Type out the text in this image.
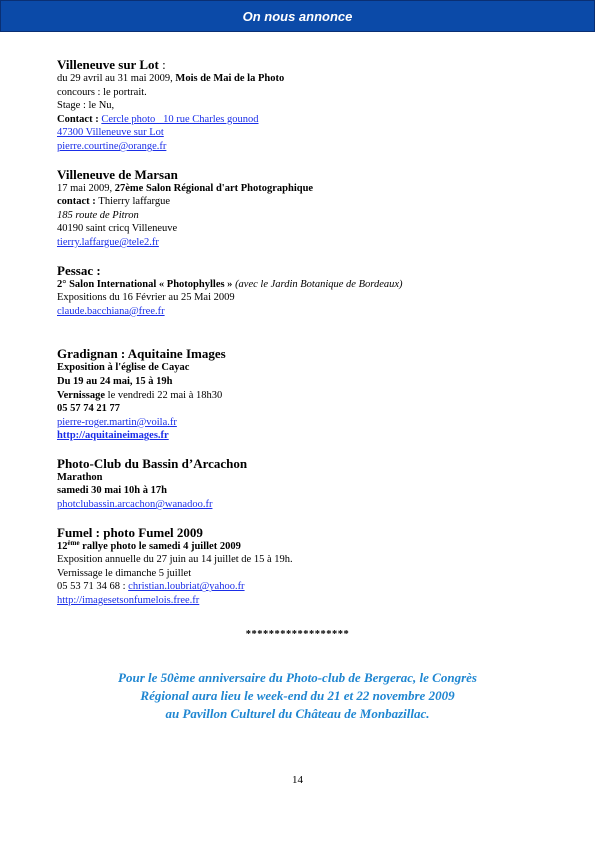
On nous annonce
Villeneuve sur Lot :
du 29 avril au 31 mai 2009, Mois de Mai de la Photo
concours : le portrait.
Stage : le Nu,
Contact : Cercle photo_ 10 rue Charles gounod
47300 Villeneuve sur Lot
pierre.courtine@orange.fr
Villeneuve de Marsan
17 mai 2009, 27ème Salon Régional d'art Photographique
contact : Thierry laffargue
185 route de Pitron
40190 saint cricq Villeneuve
tierry.laffargue@tele2.fr
Pessac :
2° Salon International « Photophylles » (avec le Jardin Botanique de Bordeaux)
Expositions du 16 Février au 25 Mai 2009
claude.bacchiana@free.fr
Gradignan : Aquitaine Images
Exposition à l'église de Cayac
Du 19 au 24 mai, 15 à 19h
Vernissage le vendredi 22 mai à 18h30
05 57 74 21 77
pierre-roger.martin@voila.fr
http://aquitaineimages.fr
Photo-Club du Bassin d’Arcachon
Marathon
samedi 30 mai 10h à 17h
photclubassin.arcachon@wanadoo.fr
Fumel : photo Fumel 2009
12ème rallye photo le samedi 4 juillet 2009
Exposition annuelle du 27 juin au 14 juillet de 15 à 19h.
Vernissage le dimanche 5 juillet
05 53 71 34 68 : christian.loubriat@yahoo.fr
http://imagesetsonfumelois.free.fr
******************
Pour le 50ème anniversaire du Photo-club de Bergerac, le Congrès
Régional aura lieu le week-end du 21 et 22 novembre 2009
au Pavillon Culturel du Château de Monbazillac.
14
